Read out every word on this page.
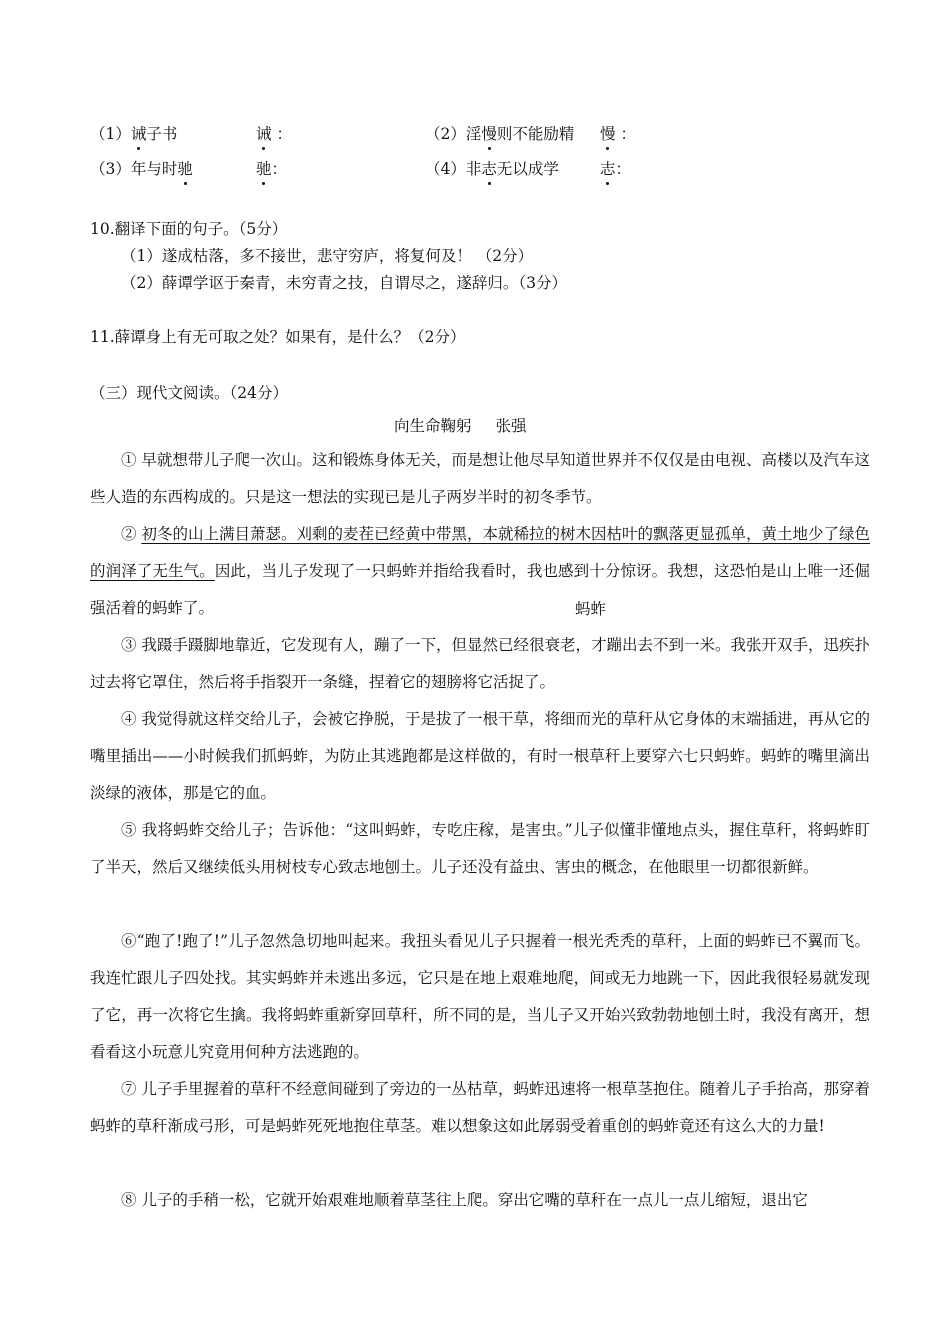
（1）诫子书	诫 ：	（2）淫慢则不能励精 慢 ：
（3）年与时驰	驰：	（4）非志无以成学	志：
10.翻译下面的句子。（5分）
（1）遂成枯落，多不接世，悲守穷庐，将复何及！ （2分）
（2）薛谭学讴于秦青，未穷青之技，自谓尽之，遂辞归。（3分）
11.薛谭身上有无可取之处？如果有，是什么？（2分）
（三）现代文阅读。（24分）
向生命鞠躬 张强
① 早就想带儿子爬一次山。这和锻炼身体无关，而是想让他尽早知道世界并不仅仅是由电视、高楼以及汽车这些人造的东西构成的。只是这一想法的实现已是儿子两岁半时的初冬季节。
② 初冬的山上满目萧瑟。刈剩的麦茬已经黄中带黑，本就稀拉的树木因枯叶的飘落更显孤单，黄土地少了绿色的润泽了无生气。因此，当儿子发现了一只蚂蚱并指给我看时，我也感到十分惊讶。我想，这恐怕是山上唯一还倔强活着的蚂蚱了。	蚂蚱
③ 我蹑手蹑脚地靠近，它发现有人，蹦了一下，但显然已经很衰老，才蹦出去不到一米。我张开双手，迅疾扑过去将它罩住，然后将手指裂开一条缝，捏着它的翅膀将它活捉了。
④ 我觉得就这样交给儿子，会被它挣脱，于是拔了一根干草，将细而光的草秆从它身体的末端插进，再从它的嘴里插出——小时候我们抓蚂蚱，为防止其逃跑都是这样做的，有时一根草秆上要穿六七只蚂蚱。蚂蚱的嘴里滴出淡绿的液体，那是它的血。
⑤ 我将蚂蚱交给儿子；告诉他：“这叫蚂蚱，专吃庄稼，是害虫。”儿子似懂非懂地点头，握住草秆，将蚂蚱盯了半天，然后又继续低头用树枝专心致志地刨土。儿子还没有益虫、害虫的概念，在他眼里一切都很新鲜。
⑥“跑了!跑了!”儿子忽然急切地叫起来。我扭头看见儿子只握着一根光秃秃的草秆，上面的蚂蚱已不翼而飞。我连忙跟儿子四处找。其实蚂蚱并未逃出多远，它只是在地上艰难地爬，间或无力地跳一下，因此我很轻易就发现了它，再一次将它生擒。我将蚂蚱重新穿回草秆，所不同的是，当儿子又开始兴致勃勃地刨土时，我没有离开，想看看这小玩意儿究竟用何种方法逃跑的。
⑦ 儿子手里握着的草秆不经意间碰到了旁边的一丛枯草，蚂蚱迅速将一根草茎抱住。随着儿子手抬高，那穿着蚂蚱的草秆渐成弓形，可是蚂蚱死死地抱住草茎。难以想象这如此孱弱受着重创的蚂蚱竟还有这么大的力量!
⑧ 儿子的手稍一松，它就开始艰难地顺着草茎往上爬。穿出它嘴的草秆在一点儿一点儿缩短，退出它
